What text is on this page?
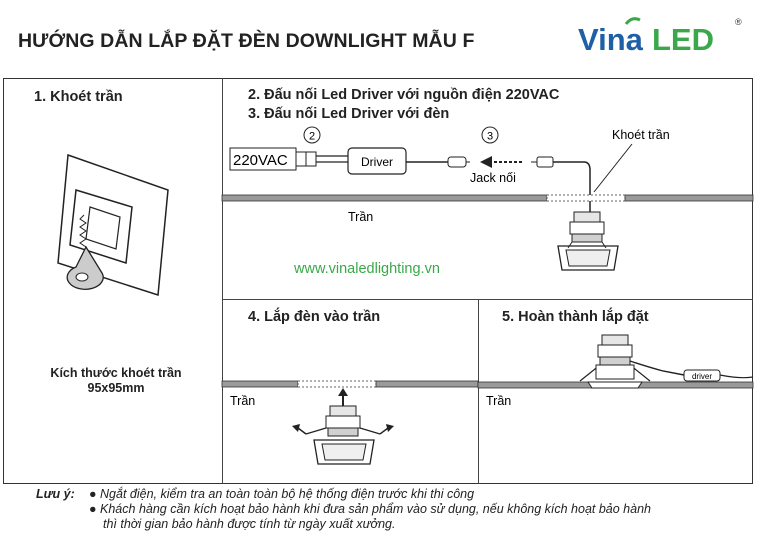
HƯỚNG DẪN LẮP ĐẶT ĐÈN DOWNLIGHT MẪU F	Vina LED ®
1. Khoét trần
Kích thước khoét trần
95x95mm
2. Đấu nối Led Driver với nguồn điện 220VAC
3. Đấu nối Led Driver với đèn
2	3
220VAC	Driver
Jack nối
Khoét trần
Trần
www.vinaledlighting.vn
4. Lắp đèn vào trần
Trần
5. Hoàn thành lắp đặt
driver
Trần
Lưu ý: ● Ngắt điện, kiểm tra an toàn toàn bộ hệ thống điện trước khi thi công
● Khách hàng cần kích hoạt bảo hành khi đưa sản phẩm vào sử dụng, nếu không kích hoạt bảo hành
thì thời gian bảo hành được tính từ ngày xuất xưởng.
